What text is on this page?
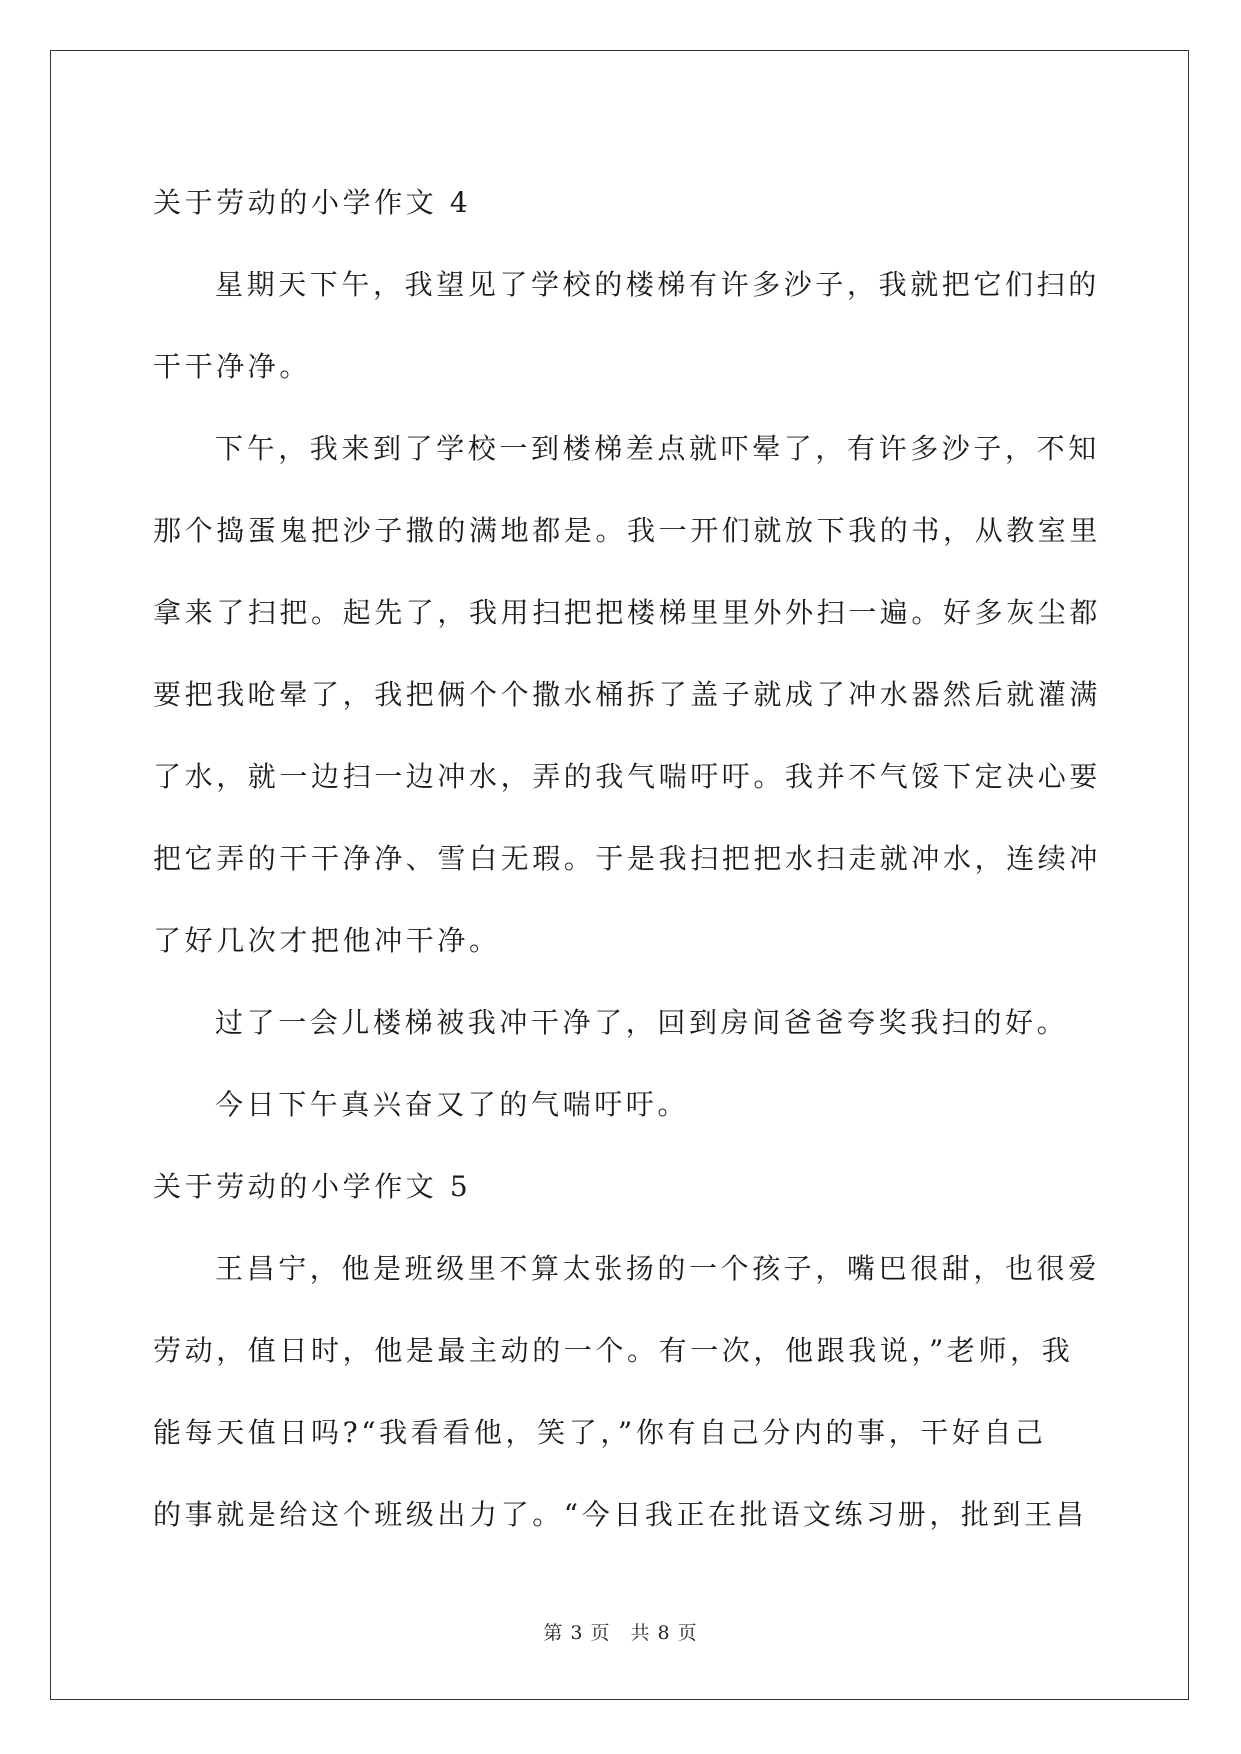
关于劳动的小学作文 4
星期天下午，我望见了学校的楼梯有许多沙子，我就把它们扫的
干干净净。
下午，我来到了学校一到楼梯差点就吓晕了，有许多沙子，不知
那个捣蛋鬼把沙子撒的满地都是。我一开们就放下我的书，从教室里
拿来了扫把。起先了，我用扫把把楼梯里里外外扫一遍。好多灰尘都
要把我呛晕了，我把俩个个撒水桶拆了盖子就成了冲水器然后就灌满
了水，就一边扫一边冲水，弄的我气喘吁吁。我并不气馁下定决心要
把它弄的干干净净、雪白无瑕。于是我扫把把水扫走就冲水，连续冲
了好几次才把他冲干净。
过了一会儿楼梯被我冲干净了，回到房间爸爸夸奖我扫的好。
今日下午真兴奋又了的气喘吁吁。
关于劳动的小学作文 5
王昌宁，他是班级里不算太张扬的一个孩子，嘴巴很甜，也很爱
劳动，值日时，他是最主动的一个。有一次，他跟我说，”老师，我
能每天值日吗?“我看看他，笑了，”你有自己分内的事，干好自己
的事就是给这个班级出力了。“今日我正在批语文练习册，批到王昌
第 3 页　共 8 页
